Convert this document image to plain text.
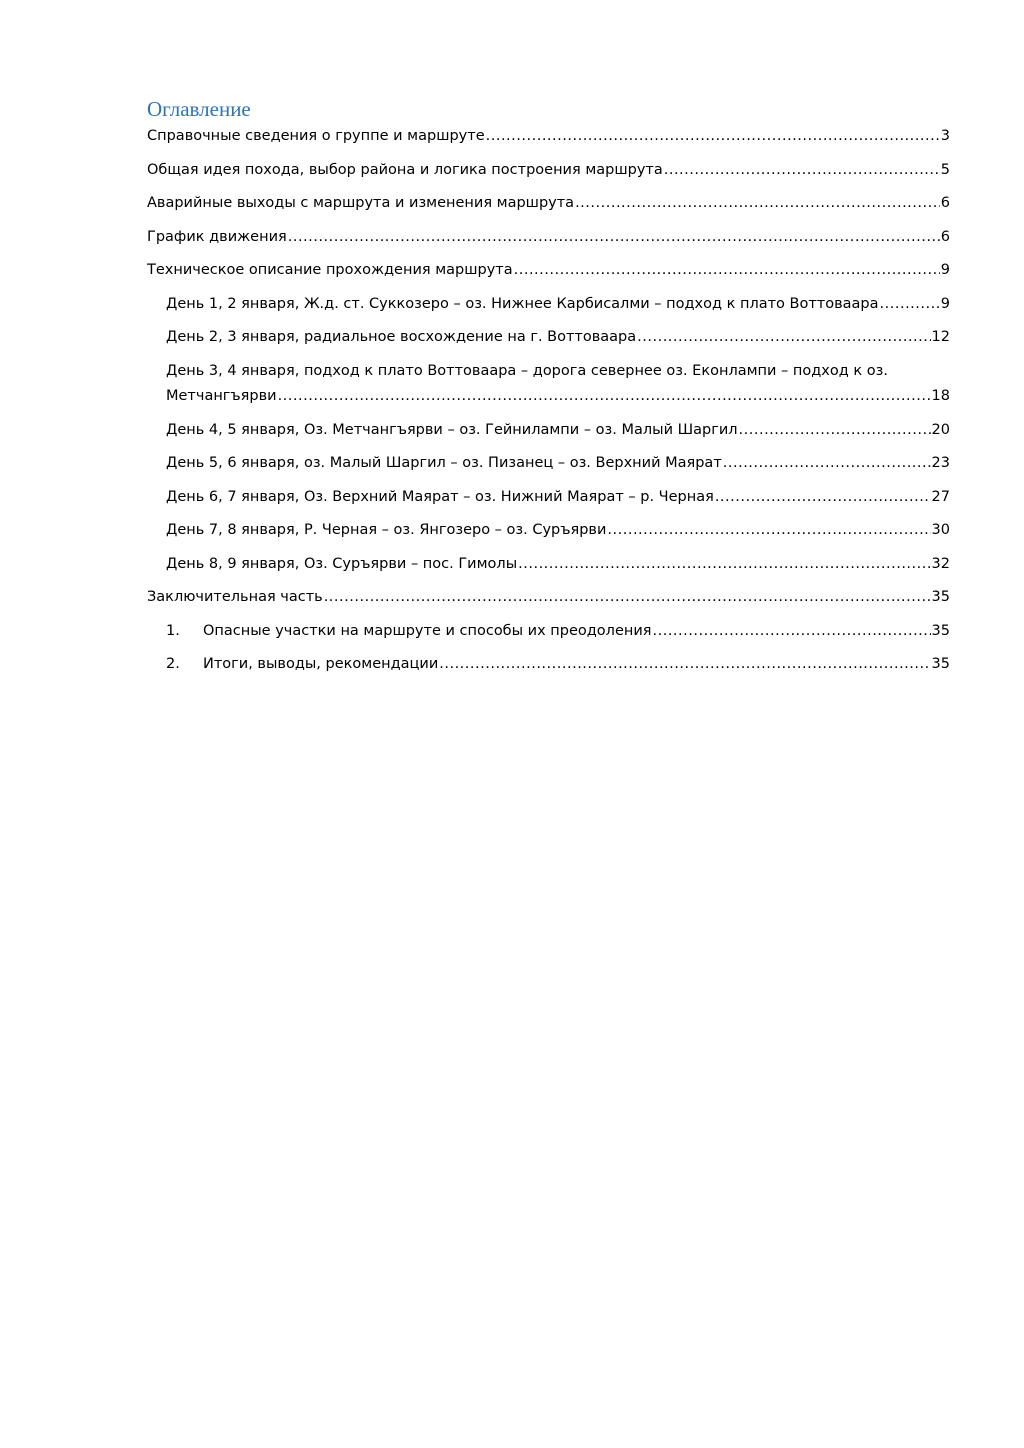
Оглавление
Справочные сведения о группе и маршруте .....	3
Общая идея похода, выбор района и логика построения маршрута .....	5
Аварийные выходы с маршрута и изменения маршрута .....	6
График движения .....	6
Техническое описание прохождения маршрута .....	9
День 1, 2 января, Ж.д. ст. Суккозеро – оз. Нижнее Карбисалми – подход к плато Воттоваара .....	9
День 2, 3 января, радиальное восхождение на г. Воттоваара .....	12
День 3, 4 января, подход к плато Воттоваара – дорога севернее оз. Еконлампи – подход к оз.
Метчангъярви .....	18
День 4, 5 января, Оз. Метчангъярви – оз. Гейнилампи – оз. Малый Шаргил .....	20
День 5, 6 января, оз. Малый Шаргил – оз. Пизанец – оз. Верхний Маярат .....	23
День 6, 7 января, Оз. Верхний Маярат – оз. Нижний Маярат – р. Черная .....	27
День 7, 8 января, Р. Черная – оз. Янгозеро – оз. Суръярви .....	30
День 8, 9 января, Оз. Суръярви – пос. Гимолы .....	32
Заключительная часть .....	35
1.	Опасные участки на маршруте и способы их преодоления .....	35
2.	Итоги, выводы, рекомендации .....	35
